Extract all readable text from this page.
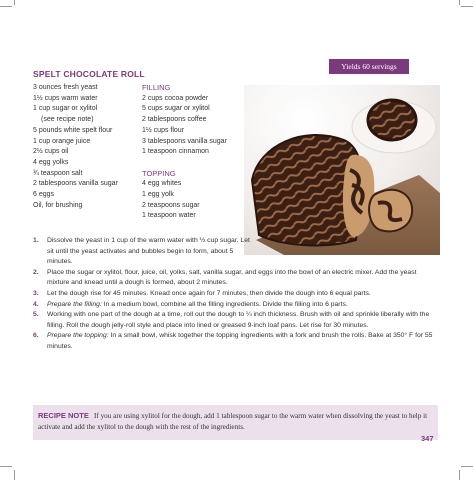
Yields 60 servings
SPELT CHOCOLATE ROLL
3 ounces fresh yeast
1½ cups warm water
1 cup sugar or xylitol
(see recipe note)
5 pounds white spelt flour
1 cup orange juice
2½ cups oil
4 egg yolks
¾ teaspoon salt
2 tablespoons vanilla sugar
6 eggs
Oil, for brushing
FILLING
2 cups cocoa powder
5 cups sugar or xylitol
2 tablespoons coffee
1½ cups flour
3 tablespoons vanilla sugar
1 teaspoon cinnamon
TOPPING
4 egg whites
1 egg yolk
2 teaspoons sugar
1 teaspoon water
1. Dissolve the yeast in 1 cup of the warm water with ½ cup sugar. Let sit until the yeast activates and bubbles begin to form, about 5 minutes.
2. Place the sugar or xylitol, flour, juice, oil, yolks, salt, vanilla sugar, and eggs into the bowl of an electric mixer. Add the yeast mixture and knead until a dough is formed, about 2 minutes.
3. Let the dough rise for 45 minutes. Knead once again for 7 minutes, then divide the dough into 6 equal parts.
4. Prepare the filling: In a medium bowl, combine all the filling ingredients. Divide the filling into 6 parts.
5. Working with one part of the dough at a time, roll out the dough to ¼ inch thickness. Brush with oil and sprinkle liberally with the filling. Roll the dough jelly-roll style and place into lined or greased 9-inch loaf pans. Let rise for 30 minutes.
6. Prepare the topping: In a small bowl, whisk together the topping ingredients with a fork and brush the rolls. Bake at 350° F for 55 minutes.
If you are using xylitol for the dough, add 1 tablespoon sugar to the warm water when dissolving the yeast to help it activate and add the xylitol to the dough with the rest of the ingredients.
RECIPE NOTE
347
